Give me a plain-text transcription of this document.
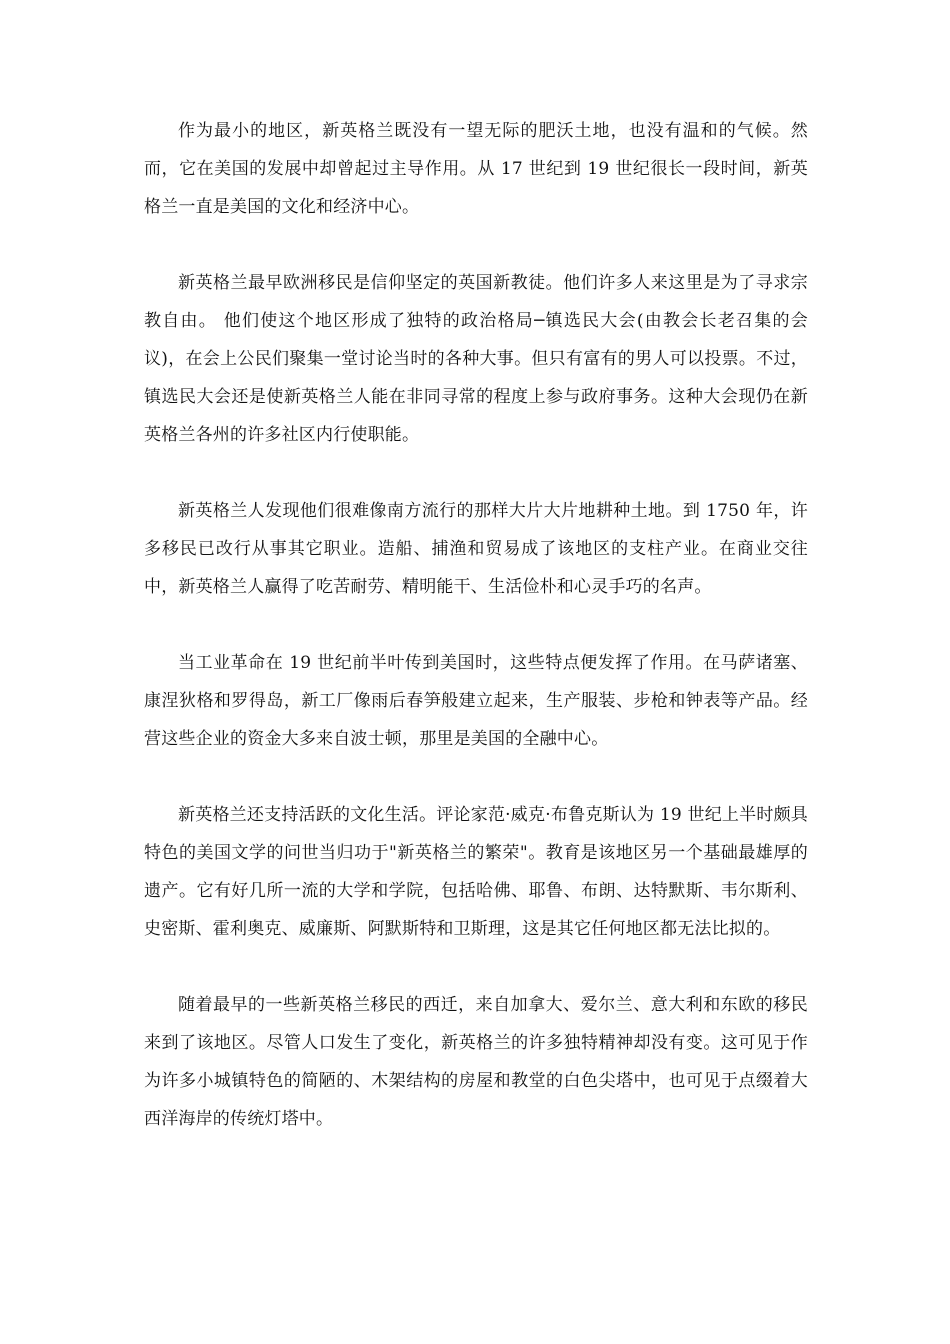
作为最小的地区，新英格兰既没有一望无际的肥沃土地，也没有温和的气候。然而，它在美国的发展中却曾起过主导作用。从 17 世纪到 19 世纪很长一段时间，新英格兰一直是美国的文化和经济中心。

新英格兰最早欧洲移民是信仰坚定的英国新教徒。他们许多人来这里是为了寻求宗教自由。 他们使这个地区形成了独特的政治格局─镇选民大会(由教会长老召集的会议)，在会上公民们聚集一堂讨论当时的各种大事。但只有富有的男人可以投票。不过，镇选民大会还是使新英格兰人能在非同寻常的程度上参与政府事务。这种大会现仍在新英格兰各州的许多社区内行使职能。

新英格兰人发现他们很难像南方流行的那样大片大片地耕种土地。到 1750 年，许多移民已改行从事其它职业。造船、捕渔和贸易成了该地区的支柱产业。在商业交往中，新英格兰人赢得了吃苦耐劳、精明能干、生活俭朴和心灵手巧的名声。

当工业革命在 19 世纪前半叶传到美国时，这些特点便发挥了作用。在马萨诸塞、康涅狄格和罗得岛，新工厂像雨后春笋般建立起来，生产服装、步枪和钟表等产品。经营这些企业的资金大多来自波士顿，那里是美国的全融中心。

新英格兰还支持活跃的文化生活。评论家范·威克·布鲁克斯认为 19 世纪上半时颇具特色的美国文学的问世当归功于"新英格兰的繁荣"。教育是该地区另一个基础最雄厚的遗产。它有好几所一流的大学和学院，包括哈佛、耶鲁、布朗、达特默斯、韦尔斯利、史密斯、霍利奥克、威廉斯、阿默斯特和卫斯理，这是其它任何地区都无法比拟的。

随着最早的一些新英格兰移民的西迁，来自加拿大、爱尔兰、意大利和东欧的移民来到了该地区。尽管人口发生了变化，新英格兰的许多独特精神却没有变。这可见于作为许多小城镇特色的简陋的、木架结构的房屋和教堂的白色尖塔中，也可见于点缀着大西洋海岸的传统灯塔中。
